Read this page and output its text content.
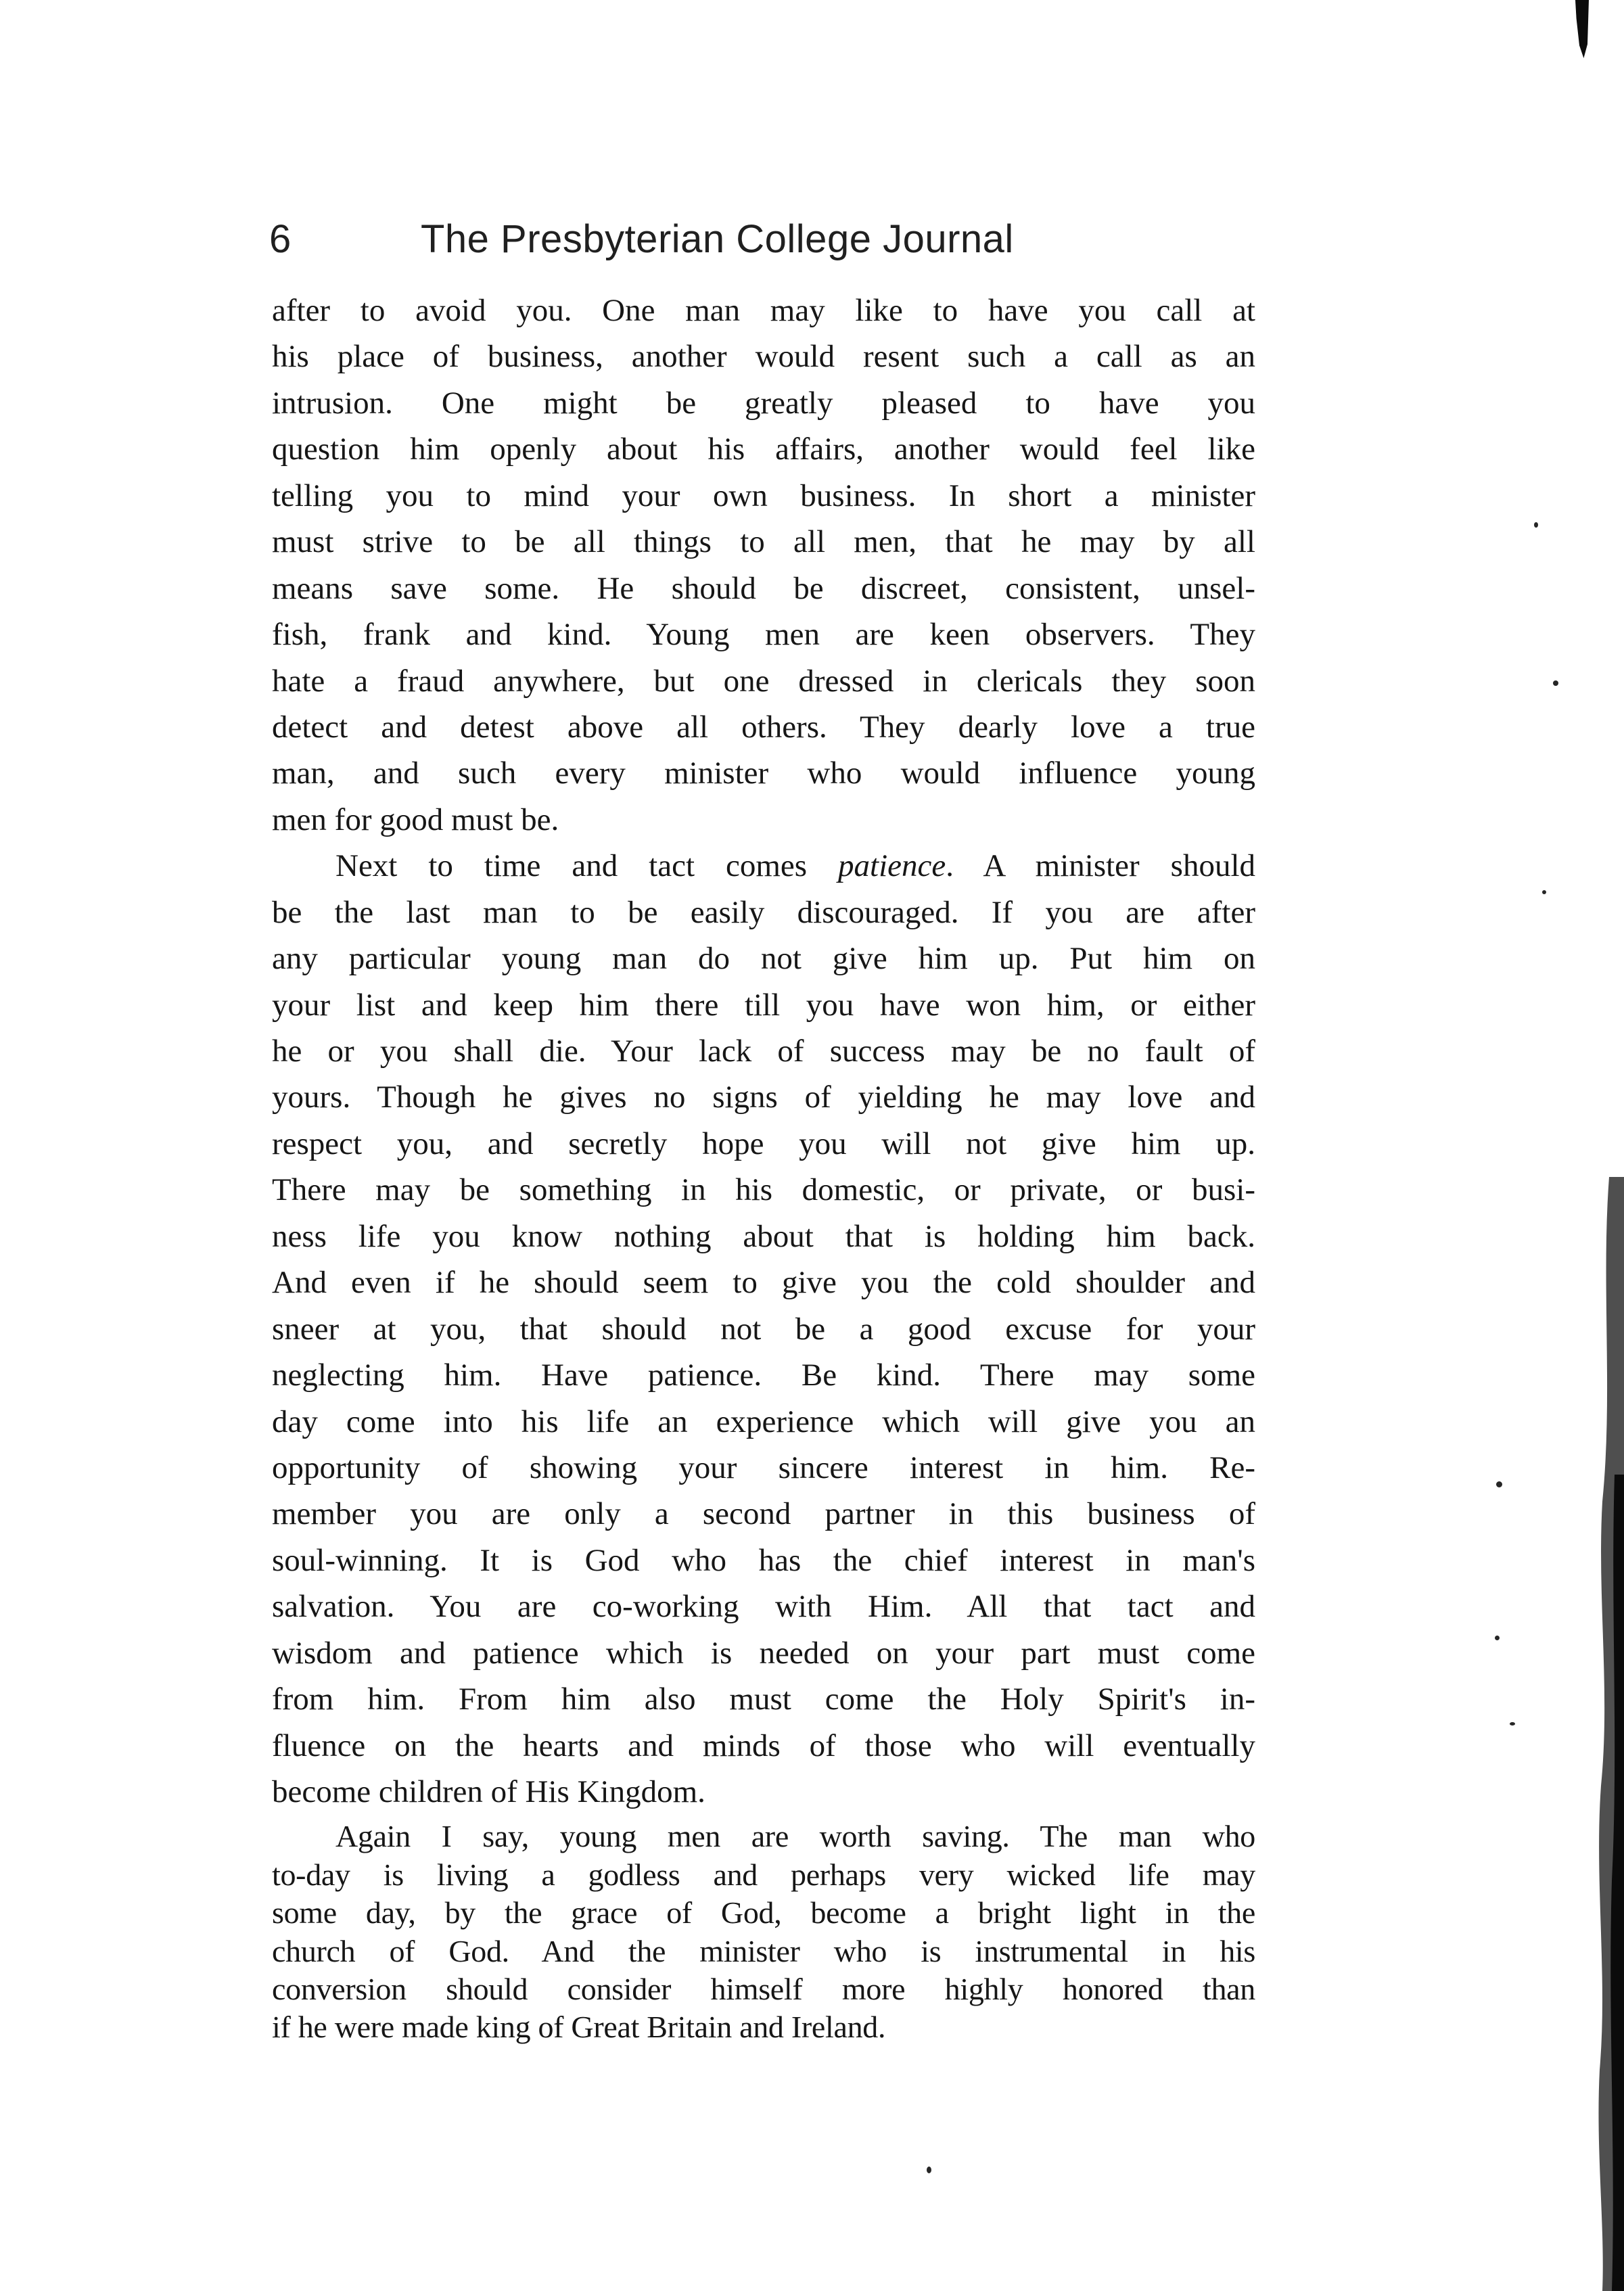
6	The Presbyterian College Journal
after to avoid you. One man may like to have you call at
his place of business, another would resent such a call as an
intrusion. One might be greatly pleased to have you
question him openly about his affairs, another would feel like
telling you to mind your own business. In short a minister
must strive to be all things to all men, that he may by all
means save some. He should be discreet, consistent, unsel-
fish, frank and kind. Young men are keen observers. They
hate a fraud anywhere, but one dressed in clericals they soon
detect and detest above all others. They dearly love a true
man, and such every minister who would influence young
men for good must be.
Next to time and tact comes patience. A minister should
be the last man to be easily discouraged. If you are after
any particular young man do not give him up. Put him on
your list and keep him there till you have won him, or either
he or you shall die. Your lack of success may be no fault of
yours. Though he gives no signs of yielding he may love and
respect you, and secretly hope you will not give him up.
There may be something in his domestic, or private, or busi-
ness life you know nothing about that is holding him back.
And even if he should seem to give you the cold shoulder and
sneer at you, that should not be a good excuse for your
neglecting him. Have patience. Be kind. There may some
day come into his life an experience which will give you an
opportunity of showing your sincere interest in him. Re-
member you are only a second partner in this business of
soul-winning. It is God who has the chief interest in man's
salvation. You are co-working with Him. All that tact and
wisdom and patience which is needed on your part must come
from him. From him also must come the Holy Spirit's in-
fluence on the hearts and minds of those who will eventually
become children of His Kingdom.
Again I say, young men are worth saving. The man who
to-day is living a godless and perhaps very wicked life may
some day, by the grace of God, become a bright light in the
church of God. And the minister who is instrumental in his
conversion should consider himself more highly honored than
if he were made king of Great Britain and Ireland.
